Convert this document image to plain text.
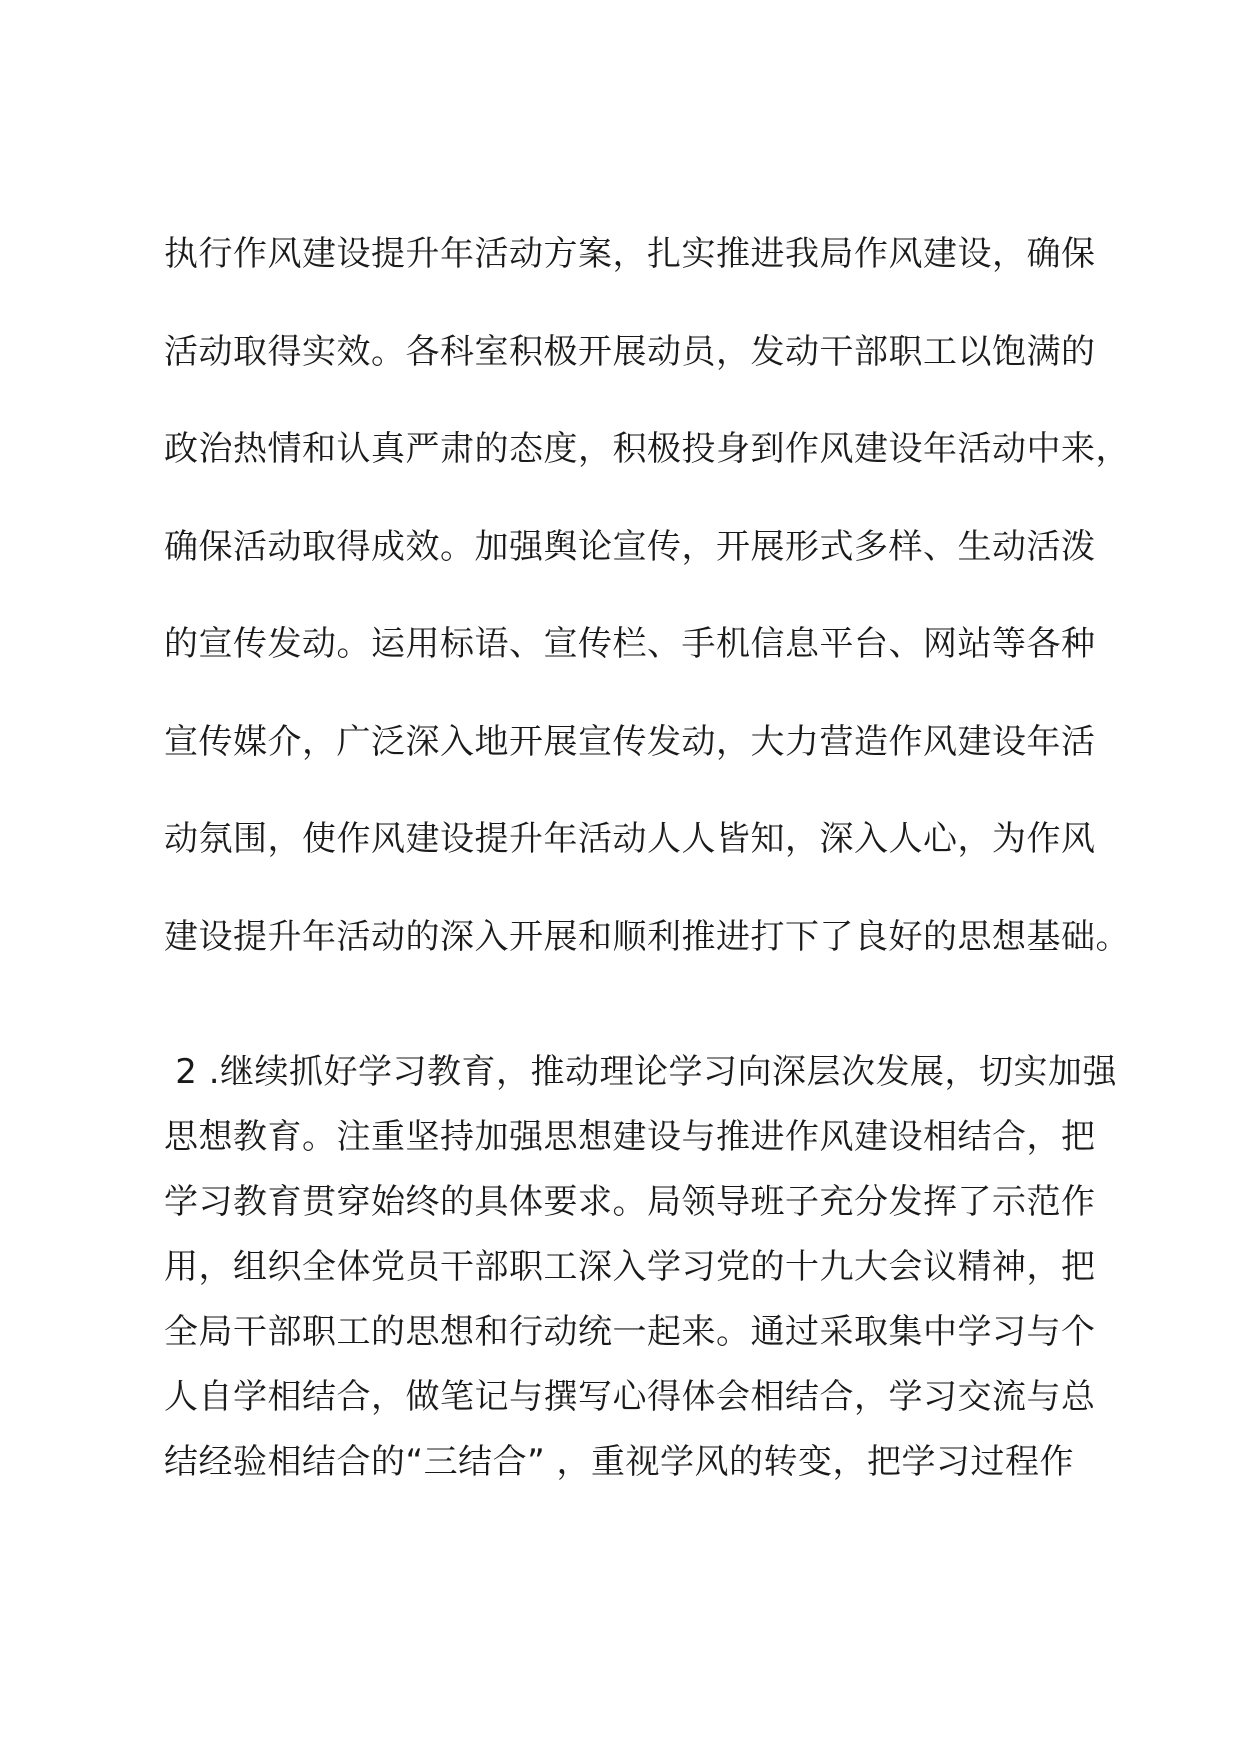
执行作风建设提升年活动方案，扎实推进我局作风建设，确保
活动取得实效。各科室积极开展动员，发动干部职工以饱满的
政治热情和认真严肃的态度，积极投身到作风建设年活动中来，
确保活动取得成效。加强舆论宣传，开展形式多样、生动活泼
的宣传发动。运用标语、宣传栏、手机信息平台、网站等各种
宣传媒介，广泛深入地开展宣传发动，大力营造作风建设年活
动氛围，使作风建设提升年活动人人皆知，深入人心，为作风
建设提升年活动的深入开展和顺利推进打下了良好的思想基础。
2 .继续抓好学习教育，推动理论学习向深层次发展，切实加强
思想教育。注重坚持加强思想建设与推进作风建设相结合，把
学习教育贯穿始终的具体要求。局领导班子充分发挥了示范作
用，组织全体党员干部职工深入学习党的十九大会议精神，把
全局干部职工的思想和行动统一起来。通过采取集中学习与个
人自学相结合，做笔记与撰写心得体会相结合，学习交流与总
结经验相结合的“三结合” ，重视学风的转变，把学习过程作
